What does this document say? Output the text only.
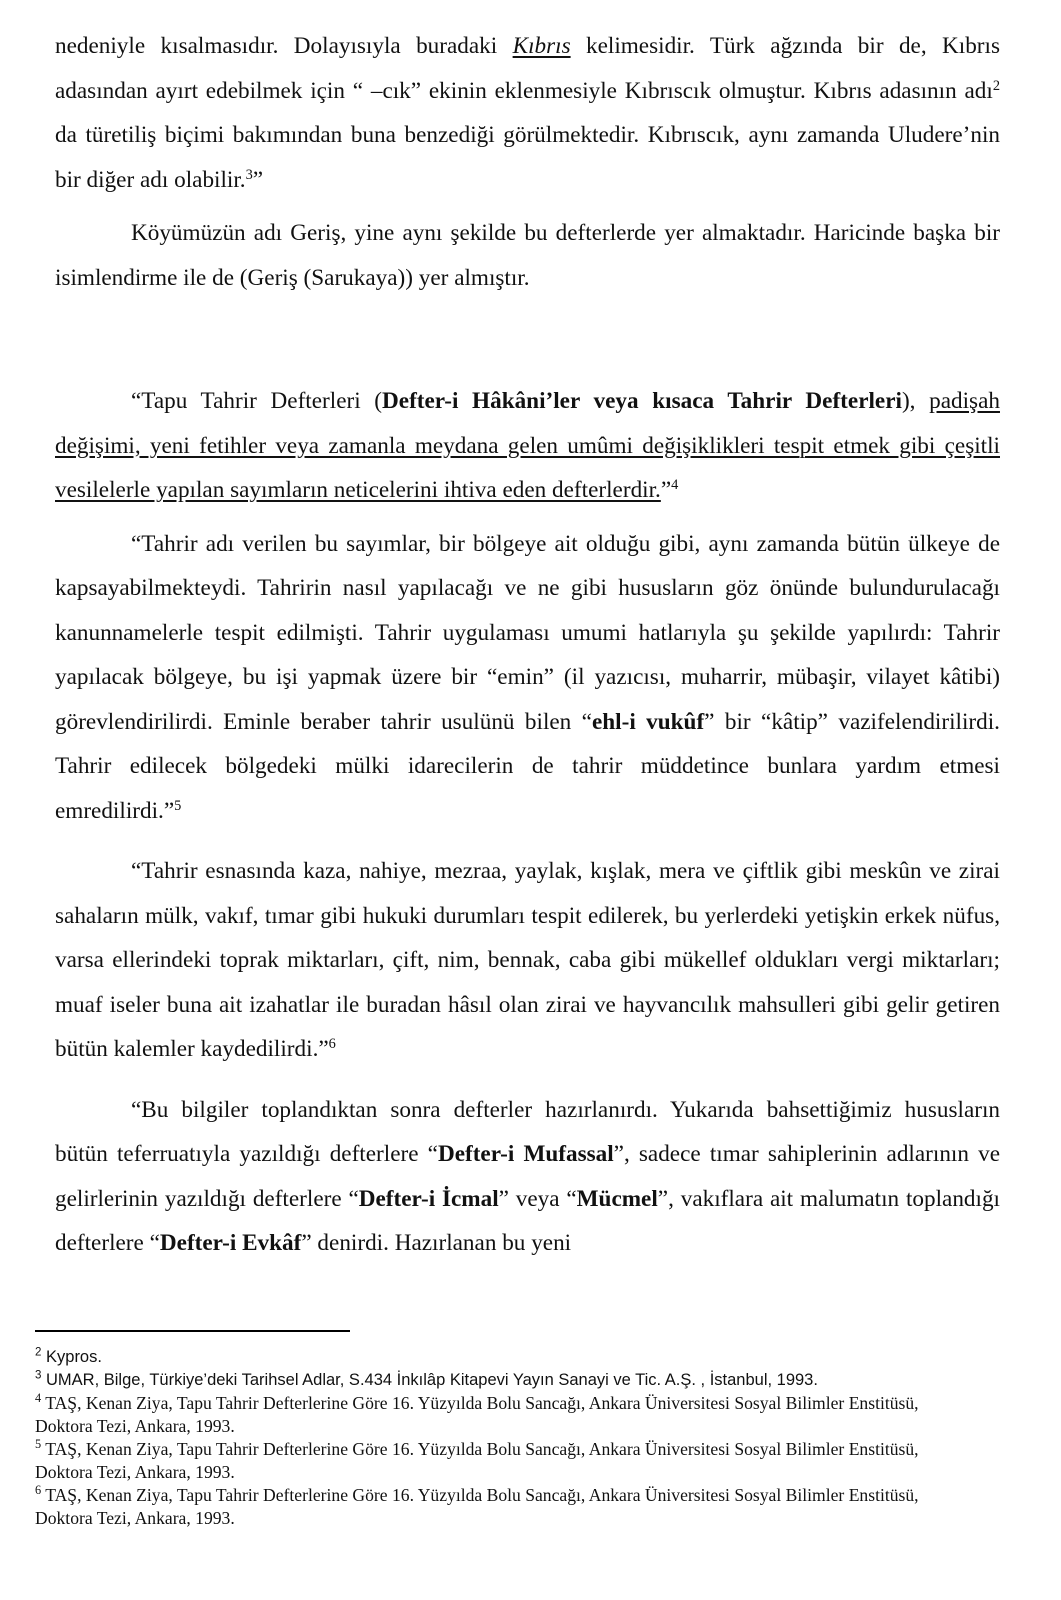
nedeniyle kısalmasıdır. Dolayısıyla buradaki Kıbrıs kelimesidir. Türk ağzında bir de, Kıbrıs adasından ayırt edebilmek için “ –cık” ekinin eklenmesiyle Kıbrıscık olmuştur. Kıbrıs adasının adı$^2$ da türetiliş biçimi bakımından buna benzediği görülmektedir. Kıbrıscık, aynı zamanda Uludere’nin bir diğer adı olabilir.$^3$”

Köyümüzün adı Geriş, yine aynı şekilde bu defterlerde yer almaktadır. Haricinde başka bir isimlendirme ile de (Geriş (Sarukaya)) yer almıştır.

“Tapu Tahrir Defterleri (Defter-i Hâkâni’ler veya kısaca Tahrir Defterleri), padişah değişimi, yeni fetihler veya zamanla meydana gelen umûmi değişiklikleri tespit etmek gibi çeşitli vesilelerle yapılan sayımların neticelerini ihtiva eden defterlerdir.”$^4$

“Tahrir adı verilen bu sayımlar, bir bölgeye ait olduğu gibi, aynı zamanda bütün ülkeye de kapsayabilmekteydi. Tahririn nasıl yapılacağı ve ne gibi hususların göz önünde bulundurulacağı kanunnamelerle tespit edilmişti. Tahrir uygulaması umumi hatlarıyla şu şekilde yapılırdı: Tahrir yapılacak bölgeye, bu işi yapmak üzere bir “emin” (il yazıcısı, muharrir, mübaşir, vilayet kâtibi) görevlendirilirdi. Eminle beraber tahrir usulünü bilen “ehl-i vukûf” bir “kâtip” vazifelendirilirdi. Tahrir edilecek bölgedeki mülki idarecilerin de tahrir müddetince bunlara yardım etmesi emredilirdi.”$^5$

“Tahrir esnasında kaza, nahiye, mezraa, yaylak, kışlak, mera ve çiftlik gibi meskûn ve zirai sahaların mülk, vakıf, tımar gibi hukuki durumları tespit edilerek, bu yerlerdeki yetişkin erkek nüfus, varsa ellerindeki toprak miktarları, çift, nim, bennak, caba gibi mükellef oldukları vergi miktarları; muaf iseler buna ait izahatlar ile buradan hâsıl olan zirai ve hayvancılık mahsulleri gibi gelir getiren bütün kalemler kaydedilirdi.”$^6$

“Bu bilgiler toplandıktan sonra defterler hazırlanırdı. Yukarıda bahsettiğimiz hususların bütün teferruatıyla yazıldığı defterlere “Defter-i Mufassal”, sadece tımar sahiplerinin adlarının ve gelirlerinin yazıldığı defterlere “Defter-i İcmal” veya “Mücmel”, vakıflara ait malumatın toplandığı defterlere “Defter-i Evkâf” denirdi. Hazırlanan bu yeni

$^2$ Kypros.

$^3$ UMAR, Bilge, Türkiye’deki Tarihsel Adlar, S.434 İnkılâp Kitapevi Yayın Sanayi ve Tic. A.Ş. , İstanbul, 1993.

$^4$ TAŞ, Kenan Ziya, Tapu Tahrir Defterlerine Göre 16. Yüzyılda Bolu Sancağı, Ankara Üniversitesi Sosyal Bilimler Enstitüsü, Doktora Tezi, Ankara, 1993.

$^5$ TAŞ, Kenan Ziya, Tapu Tahrir Defterlerine Göre 16. Yüzyılda Bolu Sancağı, Ankara Üniversitesi Sosyal Bilimler Enstitüsü, Doktora Tezi, Ankara, 1993.

$^6$ TAŞ, Kenan Ziya, Tapu Tahrir Defterlerine Göre 16. Yüzyılda Bolu Sancağı, Ankara Üniversitesi Sosyal Bilimler Enstitüsü, Doktora Tezi, Ankara, 1993.
